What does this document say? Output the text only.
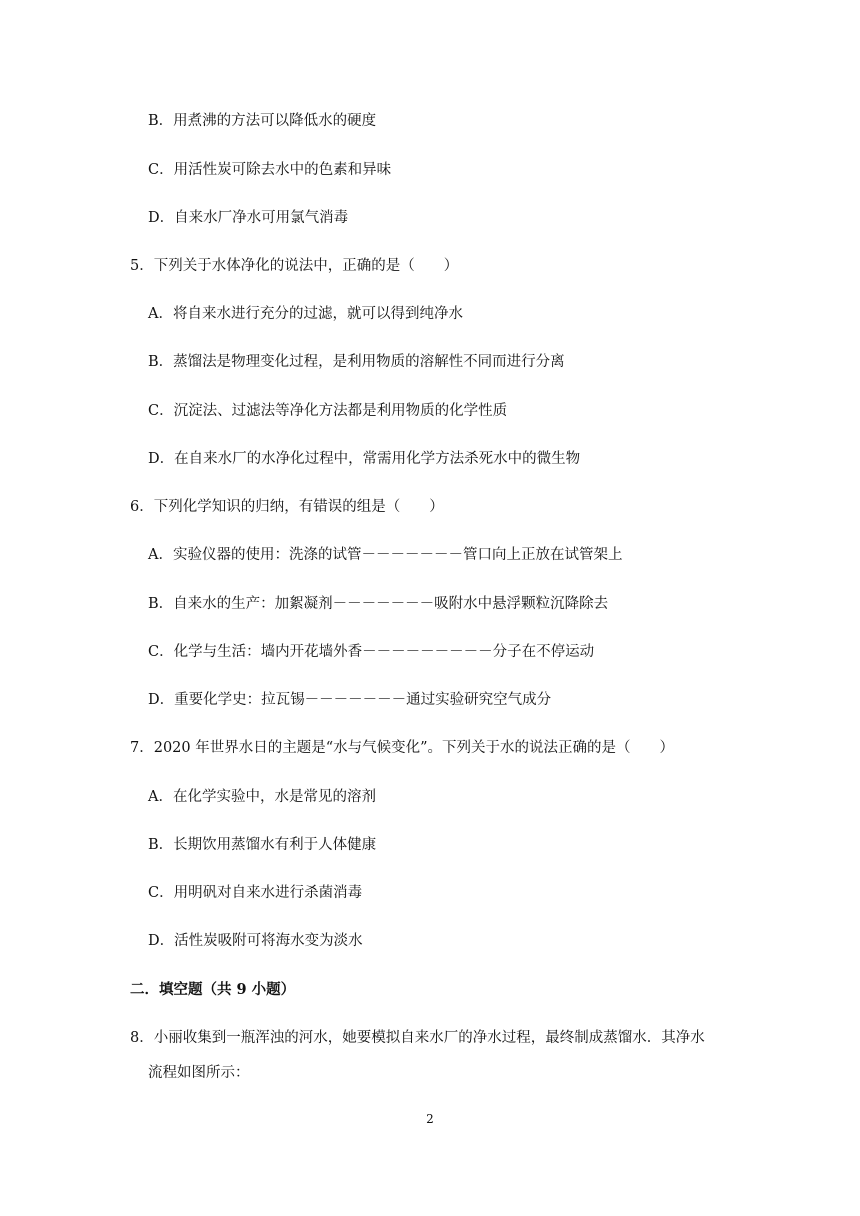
B．用煮沸的方法可以降低水的硬度
C．用活性炭可除去水中的色素和异味
D．自来水厂净水可用氯气消毒
5．下列关于水体净化的说法中，正确的是（　　）
A．将自来水进行充分的过滤，就可以得到纯净水
B．蒸馏法是物理变化过程，是利用物质的溶解性不同而进行分离
C．沉淀法、过滤法等净化方法都是利用物质的化学性质
D．在自来水厂的水净化过程中，常需用化学方法杀死水中的微生物
6．下列化学知识的归纳，有错误的组是（　　）
A．实验仪器的使用：洗涤的试管－－－－－－－管口向上正放在试管架上
B．自来水的生产：加絮凝剂－－－－－－－吸附水中悬浮颗粒沉降除去
C．化学与生活：墙内开花墙外香－－－－－－－－－分子在不停运动
D．重要化学史：拉瓦锡－－－－－－－通过实验研究空气成分
7．2020 年世界水日的主题是“水与气候变化”。下列关于水的说法正确的是（　　）
A．在化学实验中，水是常见的溶剂
B．长期饮用蒸馏水有利于人体健康
C．用明矾对自来水进行杀菌消毒
D．活性炭吸附可将海水变为淡水
二．填空题（共 9 小题）
8．小丽收集到一瓶浑浊的河水，她要模拟自来水厂的净水过程，最终制成蒸馏水．其净水
流程如图所示：
2
